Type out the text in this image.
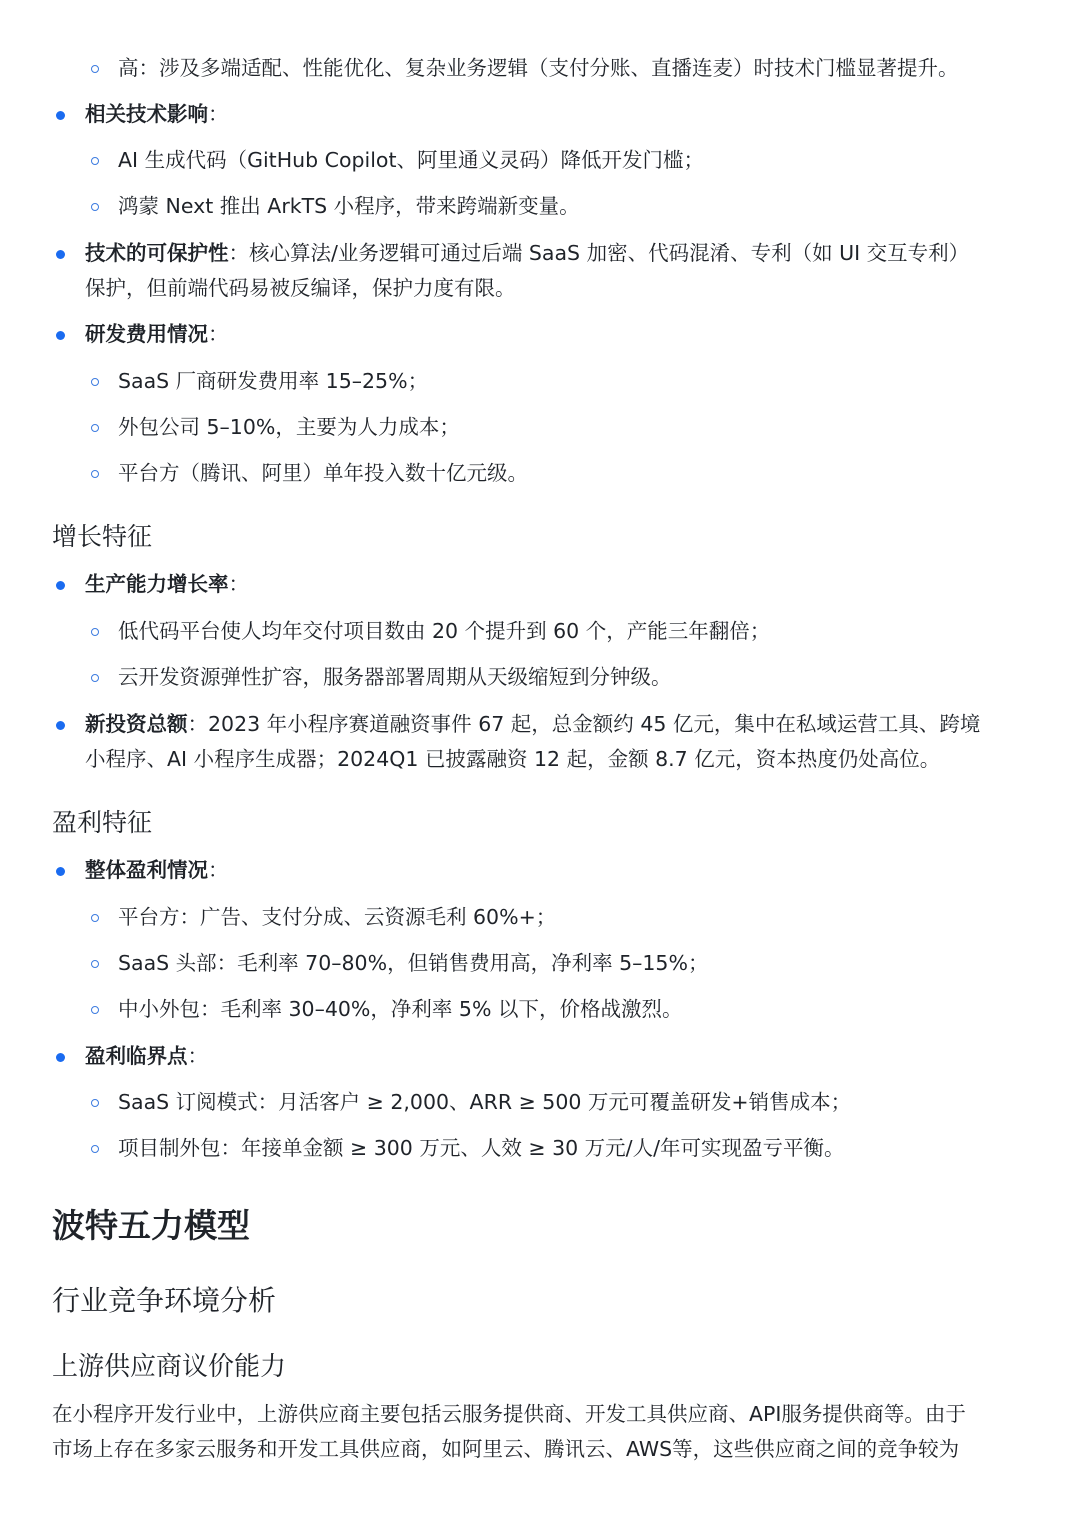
高：涉及多端适配、性能优化、复杂业务逻辑（支付分账、直播连麦）时技术门槛显著提升。
相关技术影响：
AI 生成代码（GitHub Copilot、阿里通义灵码）降低开发门槛；
鸿蒙 Next 推出 ArkTS 小程序，带来跨端新变量。
技术的可保护性：核心算法/业务逻辑可通过后端 SaaS 加密、代码混淆、专利（如 UI 交互专利）
保护，但前端代码易被反编译，保护力度有限。
研发费用情况：
SaaS 厂商研发费用率 15–25%；
外包公司 5–10%，主要为人力成本；
平台方（腾讯、阿里）单年投入数十亿元级。
增长特征
生产能力增长率：
低代码平台使人均年交付项目数由 20 个提升到 60 个，产能三年翻倍；
云开发资源弹性扩容，服务器部署周期从天级缩短到分钟级。
新投资总额：2023 年小程序赛道融资事件 67 起，总金额约 45 亿元，集中在私域运营工具、跨境
小程序、AI 小程序生成器；2024Q1 已披露融资 12 起，金额 8.7 亿元，资本热度仍处高位。
盈利特征
整体盈利情况：
平台方：广告、支付分成、云资源毛利 60%+；
SaaS 头部：毛利率 70–80%，但销售费用高，净利率 5–15%；
中小外包：毛利率 30–40%，净利率 5% 以下，价格战激烈。
盈利临界点：
SaaS 订阅模式：月活客户 ≥ 2,000、ARR ≥ 500 万元可覆盖研发+销售成本；
项目制外包：年接单金额 ≥ 300 万元、人效 ≥ 30 万元/人/年可实现盈亏平衡。
波特五力模型
行业竞争环境分析
上游供应商议价能力
在小程序开发行业中，上游供应商主要包括云服务提供商、开发工具供应商、API服务提供商等。由于
市场上存在多家云服务和开发工具供应商，如阿里云、腾讯云、AWS等，这些供应商之间的竞争较为
